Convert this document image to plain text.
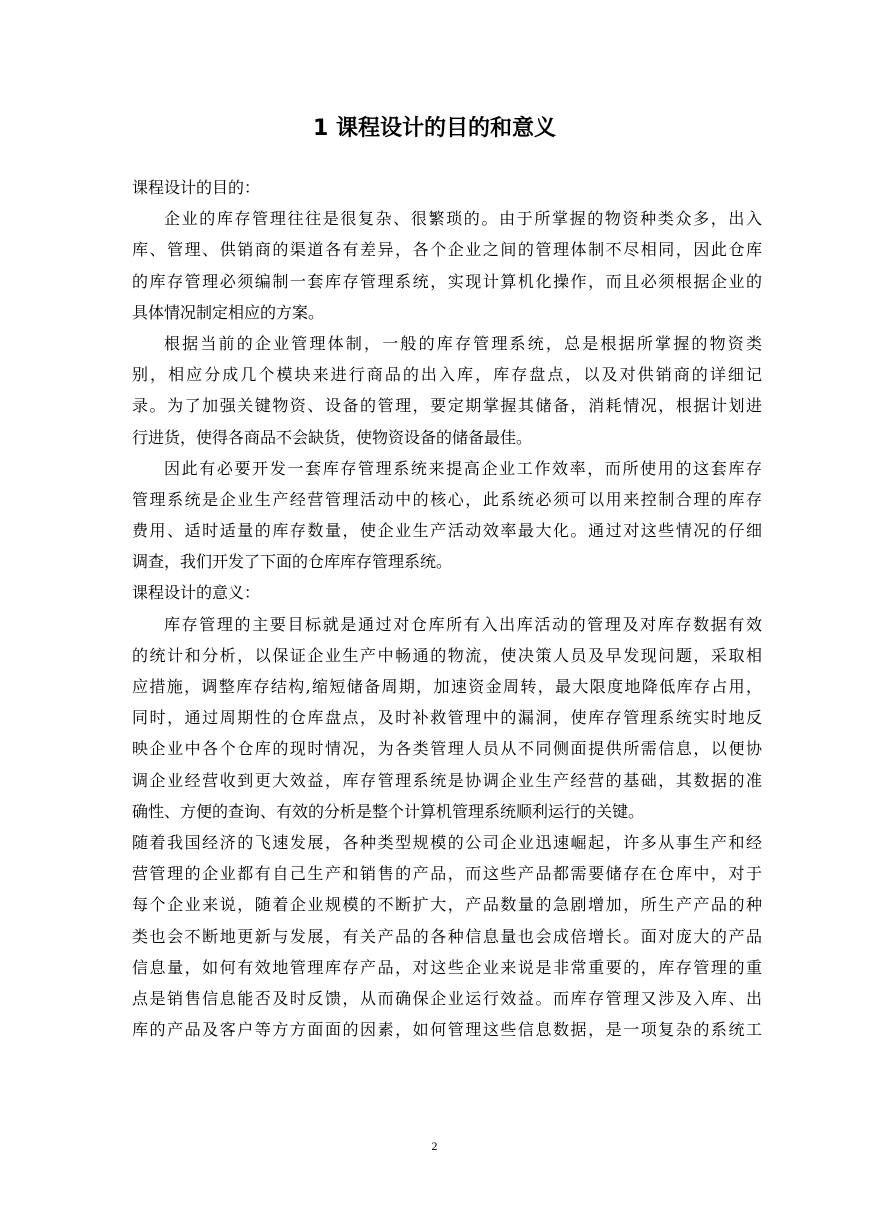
1 课程设计的目的和意义
课程设计的目的：
企业的库存管理往往是很复杂、很繁琐的。由于所掌握的物资种类众多，出入
库、管理、供销商的渠道各有差异，各个企业之间的管理体制不尽相同，因此仓库
的库存管理必须编制一套库存管理系统，实现计算机化操作，而且必须根据企业的
具体情况制定相应的方案。
根据当前的企业管理体制，一般的库存管理系统，总是根据所掌握的物资类
别，相应分成几个模块来进行商品的出入库，库存盘点，以及对供销商的详细记
录。为了加强关键物资、设备的管理，要定期掌握其储备，消耗情况，根据计划进
行进货，使得各商品不会缺货，使物资设备的储备最佳。
因此有必要开发一套库存管理系统来提高企业工作效率，而所使用的这套库存
管理系统是企业生产经营管理活动中的核心，此系统必须可以用来控制合理的库存
费用、适时适量的库存数量，使企业生产活动效率最大化。通过对这些情况的仔细
调查，我们开发了下面的仓库库存管理系统。
课程设计的意义：
库存管理的主要目标就是通过对仓库所有入出库活动的管理及对库存数据有效
的统计和分析，以保证企业生产中畅通的物流，使决策人员及早发现问题，采取相
应措施，调整库存结构,缩短储备周期，加速资金周转，最大限度地降低库存占用，
同时，通过周期性的仓库盘点，及时补救管理中的漏洞，使库存管理系统实时地反
映企业中各个仓库的现时情况，为各类管理人员从不同侧面提供所需信息，以便协
调企业经营收到更大效益，库存管理系统是协调企业生产经营的基础，其数据的准
确性、方便的查询、有效的分析是整个计算机管理系统顺利运行的关键。
随着我国经济的飞速发展，各种类型规模的公司企业迅速崛起，许多从事生产和经
营管理的企业都有自己生产和销售的产品，而这些产品都需要储存在仓库中，对于
每个企业来说，随着企业规模的不断扩大，产品数量的急剧增加，所生产产品的种
类也会不断地更新与发展，有关产品的各种信息量也会成倍增长。面对庞大的产品
信息量，如何有效地管理库存产品，对这些企业来说是非常重要的，库存管理的重
点是销售信息能否及时反馈，从而确保企业运行效益。而库存管理又涉及入库、出
库的产品及客户等方方面面的因素，如何管理这些信息数据，是一项复杂的系统工
2
